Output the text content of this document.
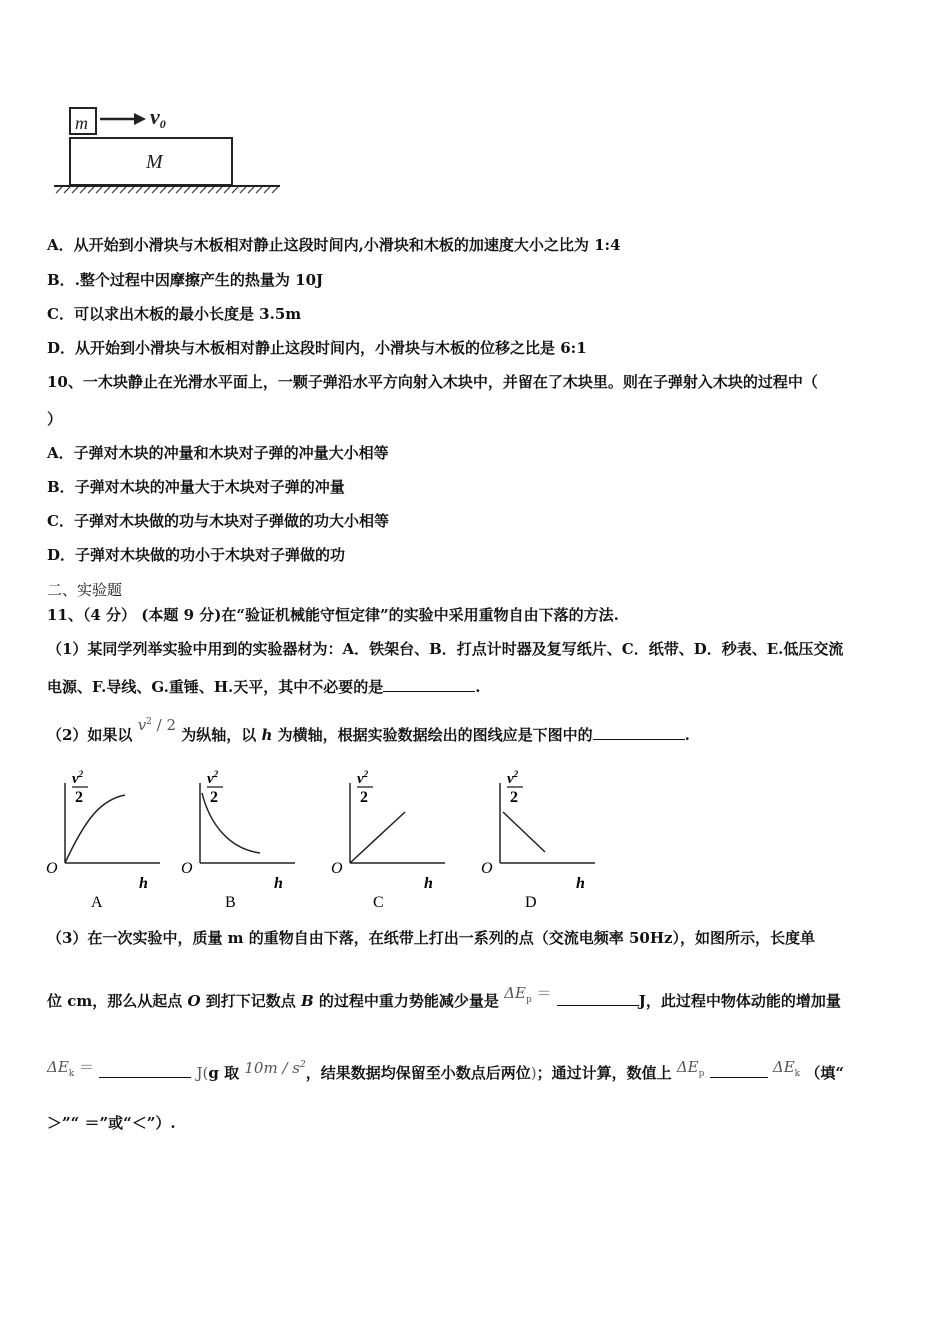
m	v0
M
A．从开始到小滑块与木板相对静止这段时间内,小滑块和木板的加速度大小之比为 1:4
B．.整个过程中因摩擦产生的热量为 10J
C．可以求出木板的最小长度是 3.5m
D．从开始到小滑块与木板相对静止这段时间内，小滑块与木板的位移之比是 6:1
10、一木块静止在光滑水平面上，一颗子弹沿水平方向射入木块中，并留在了木块里。则在子弹射入木块的过程中（
）
A．子弹对木块的冲量和木块对子弹的冲量大小相等
B．子弹对木块的冲量大于木块对子弹的冲量
C．子弹对木块做的功与木块对子弹做的功大小相等
D．子弹对木块做的功小于木块对子弹做的功
二、实验题
11、（4 分） (本题 9 分)在“验证机械能守恒定律”的实验中采用重物自由下落的方法.
（1）某同学列举实验中用到的实验器材为：A．铁架台、B．打点计时器及复写纸片、C．纸带、D．秒表、E.低压交流
电源、F.导线、G.重锤、H.天平，其中不必要的是	.
（2）如果以 $v^2 / 2$ 为纵轴，以 h 为横轴，根据实验数据绘出的图线应是下图中的	.
$v^2$
2
O
h
A
$v^2$
2
O
h
B
$v^2$
2
O
h
C
$v^2$
2
O
h
D
（3）在一次实验中，质量 m 的重物自由下落，在纸带上打出一系列的点（交流电频率 50Hz），如图所示，长度单
位 cm，那么从起点 O 到打下记数点 B 的过程中重力势能减少量是 $\Delta E_p$ ＝	J，此过程中物体动能的增加量
$\Delta E_k$ ＝	J(g 取 $10m / s^2$，结果数据均保留至小数点后两位)；通过计算，数值上 $\Delta E_p$	$\Delta E_k$ （填“
＞”“ ＝”或“＜”）.
